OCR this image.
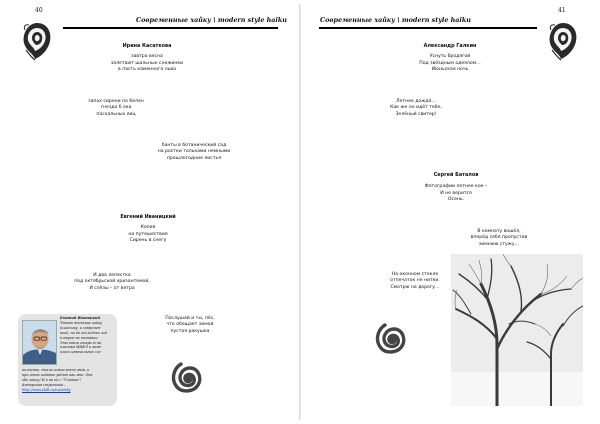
40
Современные хайку \ modern style haiku
Ирина Касаткова
завтра весна
залетают шальные снежинки
в пасть каменного льва
запах сирени по белен
гнездо б ока
пасхальных яиц
банты в ботанический сад
на ростки тольками немными
прошлогодние листья
Евгений Иваницкий
Копия
на путешествия
Сирень в снегу
И два лепестка
под октябрьской хризантемой,
И слёзы – от ветра
Послушай и ты, пёс,
что обещает зимой
пустая ракушка
Евгений Иваницкий
Читаю японские хайку
(классику, и современ-
ные), но до последних год
в отрое во познание.
Это книга откра ю на
клиника MИK-9 о заме-
алась изначальное сос-
полнение, стала осмысленно эвой, и
при этом издание редит как мне. Она
обо хайку! И о на ей с "Улитки"!
Авторская страничка –
http://www.ekill.ru/ivanitsky
41
Современные хайку \ modern style haiku
Александр Галкин
Уснуть бродягой
Под звёздным одеялом…
Июньская ночь
Летнее дождя…
Как же он идёт тебе,
Зелёный свитер!
Сергей Баталов
Фотографии летнее кое –
И не верится
Осень.
В комнату вошёл,
вперёд себя пропустив
зимнюю стужу…
На оконном стекле
отпечаток не нитки.
Смотрю на дорогу…
